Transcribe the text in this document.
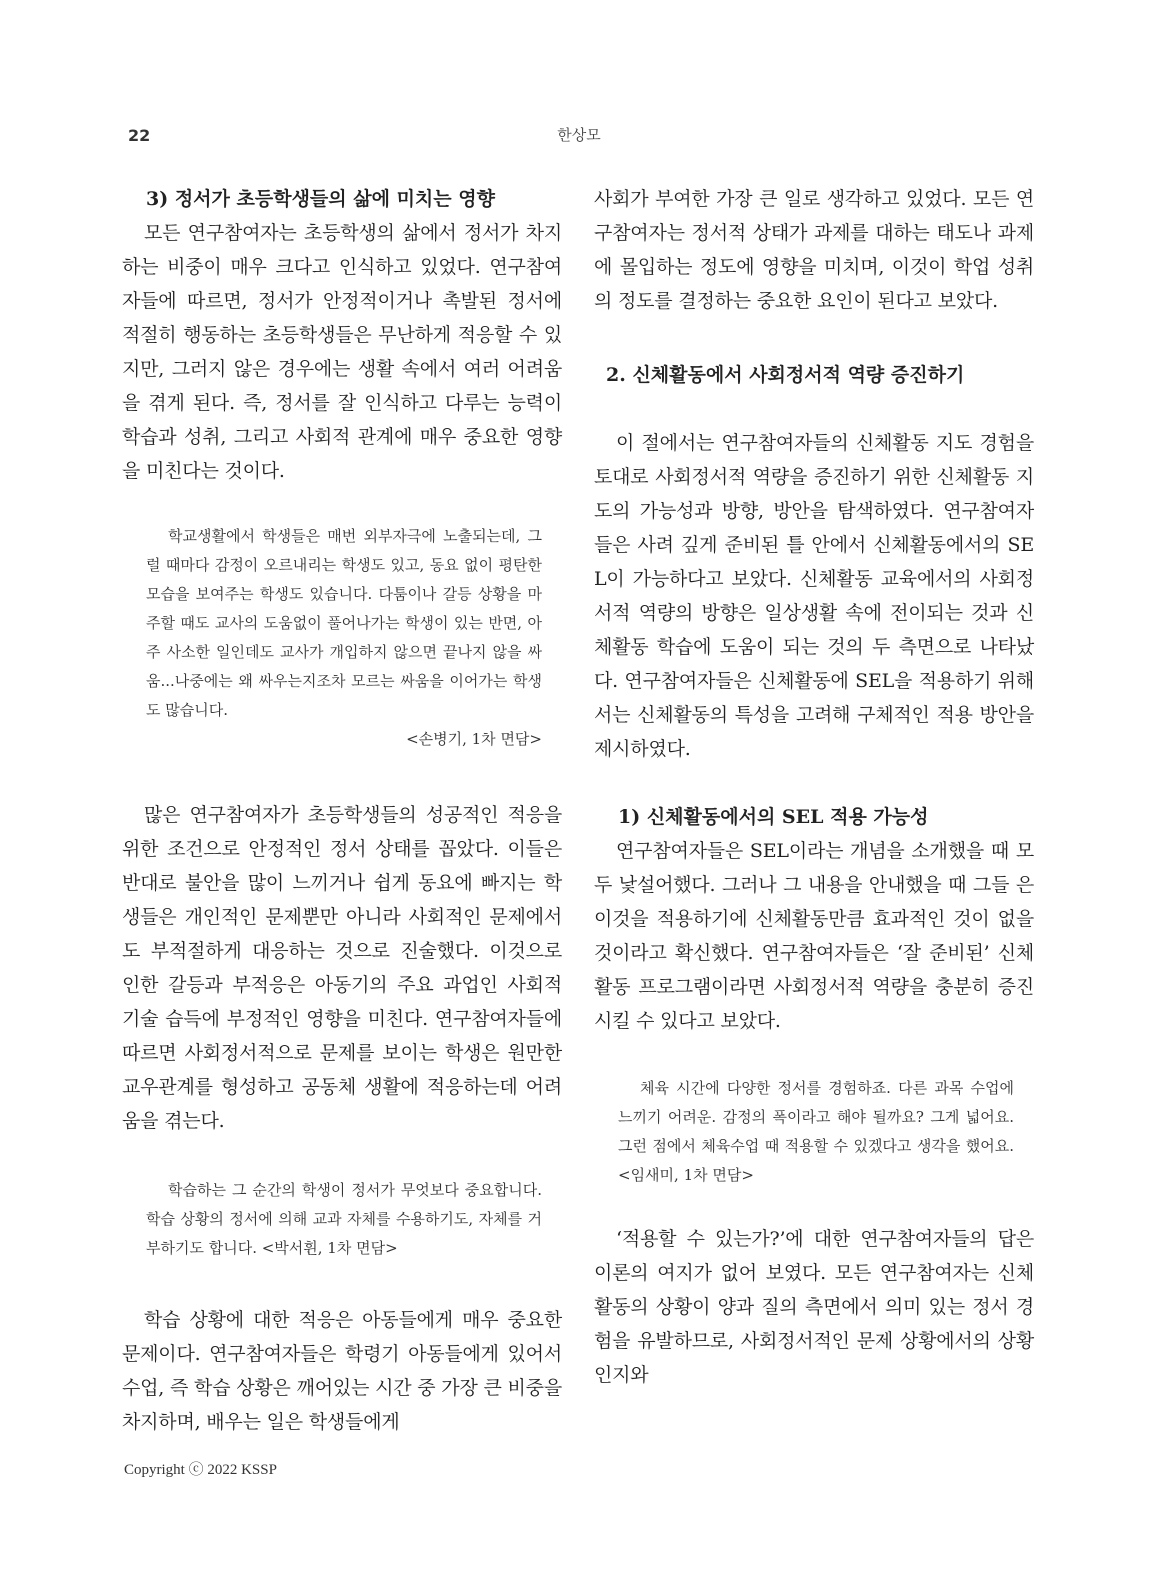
22	한상모

3) 정서가 초등학생들의 삶에 미치는 영향

모든 연구참여자는 초등학생의 삶에서 정서가 차지하는 비중이 매우 크다고 인식하고 있었다. 연구참여자들에 따르면, 정서가 안정적이거나 촉발된 정서에 적절히 행동하는 초등학생들은 무난하게 적응할 수 있지만, 그러지 않은 경우에는 생활 속에서 여러 어려움을 겪게 된다. 즉, 정서를 잘 인식하고 다루는 능력이 학습과 성취, 그리고 사회적 관계에 매우 중요한 영향을 미친다는 것이다.

학교생활에서 학생들은 매번 외부자극에 노출되는데, 그럴 때마다 감정이 오르내리는 학생도 있고, 동요 없이 평탄한 모습을 보여주는 학생도 있습니다. 다툼이나 갈등 상황을 마주할 때도 교사의 도움없이 풀어나가는 학생이 있는 반면, 아주 사소한 일인데도 교사가 개입하지 않으면 끝나지 않을 싸움...나중에는 왜 싸우는지조차 모르는 싸움을 이어가는 학생도 많습니다.

<손병기, 1차 면담>

많은 연구참여자가 초등학생들의 성공적인 적응을 위한 조건으로 안정적인 정서 상태를 꼽았다. 이들은 반대로 불안을 많이 느끼거나 쉽게 동요에 빠지는 학생들은 개인적인 문제뿐만 아니라 사회적인 문제에서도 부적절하게 대응하는 것으로 진술했다. 이것으로 인한 갈등과 부적응은 아동기의 주요 과업인 사회적 기술 습득에 부정적인 영향을 미친다. 연구참여자들에 따르면 사회정서적으로 문제를 보이는 학생은 원만한 교우관계를 형성하고 공동체 생활에 적응하는데 어려움을 겪는다.

학습하는 그 순간의 학생이 정서가 무엇보다 중요합니다. 학습 상황의 정서에 의해 교과 자체를 수용하기도, 자체를 거부하기도 합니다. <박서휜, 1차 면담>

학습 상황에 대한 적응은 아동들에게 매우 중요한 문제이다. 연구참여자들은 학령기 아동들에게 있어서 수업, 즉 학습 상황은 깨어있는 시간 중 가장 큰 비중을 차지하며, 배우는 일은 학생들에게

사회가 부여한 가장 큰 일로 생각하고 있었다. 모든 연구참여자는 정서적 상태가 과제를 대하는 태도나 과제에 몰입하는 정도에 영향을 미치며, 이것이 학업 성취의 정도를 결정하는 중요한 요인이 된다고 보았다.

2. 신체활동에서 사회정서적 역량 증진하기

이 절에서는 연구참여자들의 신체활동 지도 경험을 토대로 사회정서적 역량을 증진하기 위한 신체활동 지도의 가능성과 방향, 방안을 탐색하였다. 연구참여자들은 사려 깊게 준비된 틀 안에서 신체활동에서의 SEL이 가능하다고 보았다. 신체활동 교육에서의 사회정서적 역량의 방향은 일상생활 속에 전이되는 것과 신체활동 학습에 도움이 되는 것의 두 측면으로 나타났다. 연구참여자들은 신체활동에 SEL을 적용하기 위해서는 신체활동의 특성을 고려해 구체적인 적용 방안을 제시하였다.

1) 신체활동에서의 SEL 적용 가능성

연구참여자들은 SEL이라는 개념을 소개했을 때 모두 낯설어했다. 그러나 그 내용을 안내했을 때 그들 은 이것을 적용하기에 신체활동만큼 효과적인 것이 없을 것이라고 확신했다. 연구참여자들은 ‘잘 준비된’ 신체활동 프로그램이라면 사회정서적 역량을 충분히 증진시킬 수 있다고 보았다.

체육 시간에 다양한 정서를 경험하죠. 다른 과목 수업에 느끼기 어려운. 감정의 폭이라고 해야 될까요? 그게 넓어요. 그런 점에서 체육수업 때 적용할 수 있겠다고 생각을 했어요. <임새미, 1차 면담>

‘적용할 수 있는가?’에 대한 연구참여자들의 답은 이론의 여지가 없어 보였다. 모든 연구참여자는 신체활동의 상황이 양과 질의 측면에서 의미 있는 정서 경험을 유발하므로, 사회정서적인 문제 상황에서의 상황 인지와

Copyright ⓒ 2022 KSSP
